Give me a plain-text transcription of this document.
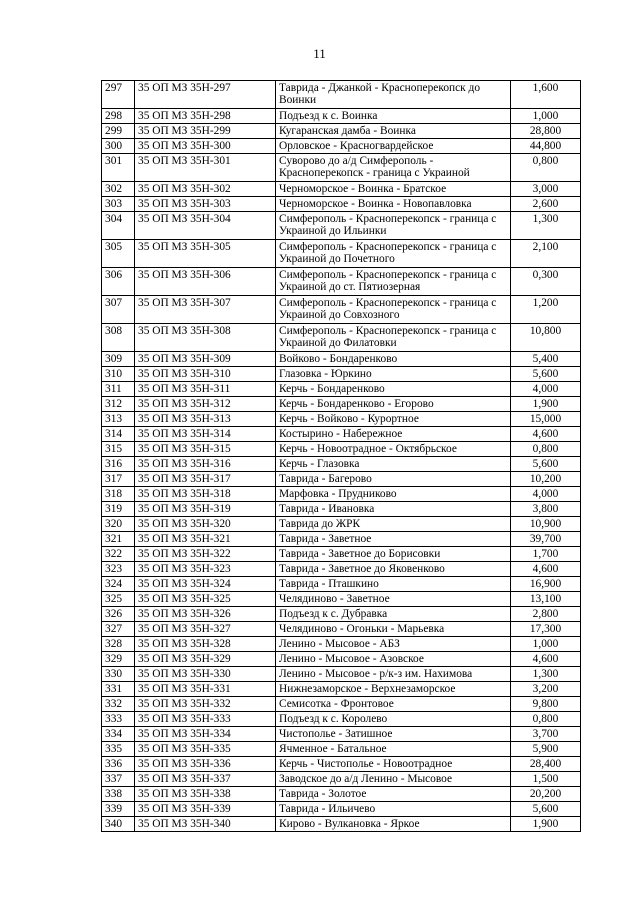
11
297	35 ОП МЗ 35Н-297	Таврида - Джанкой - Красноперекопск до Воинки	1,600
298	35 ОП МЗ 35Н-298	Подъезд к с. Воинка	1,000
299	35 ОП МЗ 35Н-299	Кугаранская дамба - Воинка	28,800
300	35 ОП МЗ 35Н-300	Орловское - Красногвардейское	44,800
301	35 ОП МЗ 35Н-301	Суворово до а/д Симферополь - Красноперекопск - граница с Украиной	0,800
302	35 ОП МЗ 35Н-302	Черноморское - Воинка - Братское	3,000
303	35 ОП МЗ 35Н-303	Черноморское - Воинка - Новопавловка	2,600
304	35 ОП МЗ 35Н-304	Симферополь - Красноперекопск - граница с Украиной до Ильинки	1,300
305	35 ОП МЗ 35Н-305	Симферополь - Красноперекопск - граница с Украиной до Почетного	2,100
306	35 ОП МЗ 35Н-306	Симферополь - Красноперекопск - граница с Украиной до ст. Пятиозерная	0,300
307	35 ОП МЗ 35Н-307	Симферополь - Красноперекопск - граница с Украиной до Совхозного	1,200
308	35 ОП МЗ 35Н-308	Симферополь - Красноперекопск - граница с Украиной до Филатовки	10,800
309	35 ОП МЗ 35Н-309	Войково - Бондаренково	5,400
310	35 ОП МЗ 35Н-310	Глазовка - Юркино	5,600
311	35 ОП МЗ 35Н-311	Керчь - Бондаренково	4,000
312	35 ОП МЗ 35Н-312	Керчь - Бондаренково - Егорово	1,900
313	35 ОП МЗ 35Н-313	Керчь - Войково - Курортное	15,000
314	35 ОП МЗ 35Н-314	Костырино - Набережное	4,600
315	35 ОП МЗ 35Н-315	Керчь - Новоотрадное - Октябрьское	0,800
316	35 ОП МЗ 35Н-316	Керчь - Глазовка	5,600
317	35 ОП МЗ 35Н-317	Таврида - Багерово	10,200
318	35 ОП МЗ 35Н-318	Марфовка - Прудниково	4,000
319	35 ОП МЗ 35Н-319	Таврида - Ивановка	3,800
320	35 ОП МЗ 35Н-320	Таврида до ЖРК	10,900
321	35 ОП МЗ 35Н-321	Таврида - Заветное	39,700
322	35 ОП МЗ 35Н-322	Таврида - Заветное до Борисовки	1,700
323	35 ОП МЗ 35Н-323	Таврида - Заветное до Яковенково	4,600
324	35 ОП МЗ 35Н-324	Таврида - Пташкино	16,900
325	35 ОП МЗ 35Н-325	Челядиново - Заветное	13,100
326	35 ОП МЗ 35Н-326	Подъезд к с. Дубравка	2,800
327	35 ОП МЗ 35Н-327	Челядиново - Огоньки - Марьевка	17,300
328	35 ОП МЗ 35Н-328	Ленино - Мысовое - АБЗ	1,000
329	35 ОП МЗ 35Н-329	Ленино - Мысовое - Азовское	4,600
330	35 ОП МЗ 35Н-330	Ленино - Мысовое - р/к-з им. Нахимова	1,300
331	35 ОП МЗ 35Н-331	Нижнезаморское - Верхнезаморское	3,200
332	35 ОП МЗ 35Н-332	Семисотка - Фронтовое	9,800
333	35 ОП МЗ 35Н-333	Подъезд к с. Королево	0,800
334	35 ОП МЗ 35Н-334	Чистополье - Затишное	3,700
335	35 ОП МЗ 35Н-335	Ячменное - Батальное	5,900
336	35 ОП МЗ 35Н-336	Керчь - Чистополье - Новоотрадное	28,400
337	35 ОП МЗ 35Н-337	Заводское до а/д Ленино - Мысовое	1,500
338	35 ОП МЗ 35Н-338	Таврида - Золотое	20,200
339	35 ОП МЗ 35Н-339	Таврида - Ильичево	5,600
340	35 ОП МЗ 35Н-340	Кирово - Вулкановка - Яркое	1,900
